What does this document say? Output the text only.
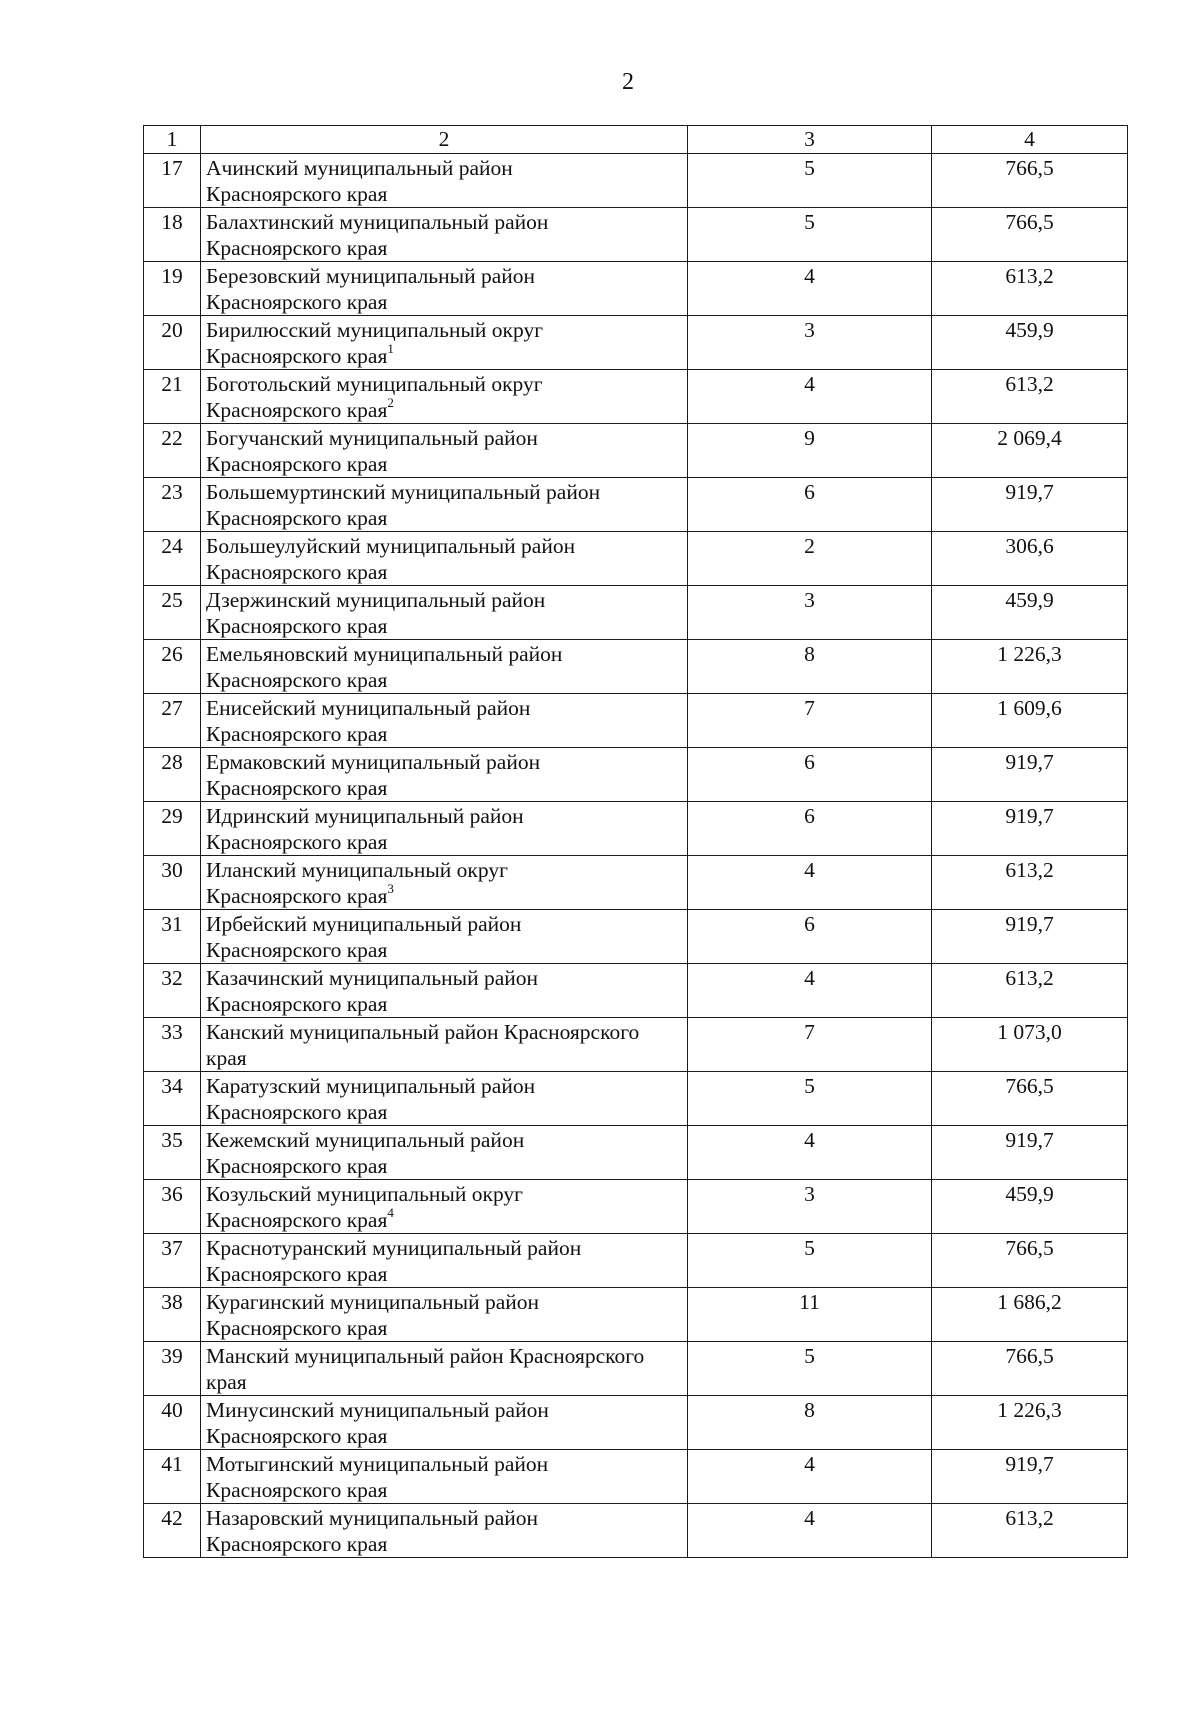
2
1	2	3	4
17	Ачинский муниципальный район
Красноярского края	5	766,5
18	Балахтинский муниципальный район
Красноярского края	5	766,5
19	Березовский муниципальный район
Красноярского края	4	613,2
20	Бирилюсский муниципальный округ
Красноярского края$^1$	3	459,9
21	Боготольский муниципальный округ
Красноярского края$^2$	4	613,2
22	Богучанский муниципальный район
Красноярского края	9	2 069,4
23	Большемуртинский муниципальный район
Красноярского края	6	919,7
24	Большеулуйский муниципальный район
Красноярского края	2	306,6
25	Дзержинский муниципальный район
Красноярского края	3	459,9
26	Емельяновский муниципальный район
Красноярского края	8	1 226,3
27	Енисейский муниципальный район
Красноярского края	7	1 609,6
28	Ермаковский муниципальный район
Красноярского края	6	919,7
29	Идринский муниципальный район
Красноярского края	6	919,7
30	Иланский муниципальный округ
Красноярского края$^3$	4	613,2
31	Ирбейский муниципальный район
Красноярского края	6	919,7
32	Казачинский муниципальный район
Красноярского края	4	613,2
33	Канский муниципальный район Красноярского
края	7	1 073,0
34	Каратузский муниципальный район
Красноярского края	5	766,5
35	Кежемский муниципальный район
Красноярского края	4	919,7
36	Козульский муниципальный округ
Красноярского края$^4$	3	459,9
37	Краснотуранский муниципальный район
Красноярского края	5	766,5
38	Курагинский муниципальный район
Красноярского края	11	1 686,2
39	Манский муниципальный район Красноярского
края	5	766,5
40	Минусинский муниципальный район
Красноярского края	8	1 226,3
41	Мотыгинский муниципальный район
Красноярского края	4	919,7
42	Назаровский муниципальный район
Красноярского края	4	613,2
